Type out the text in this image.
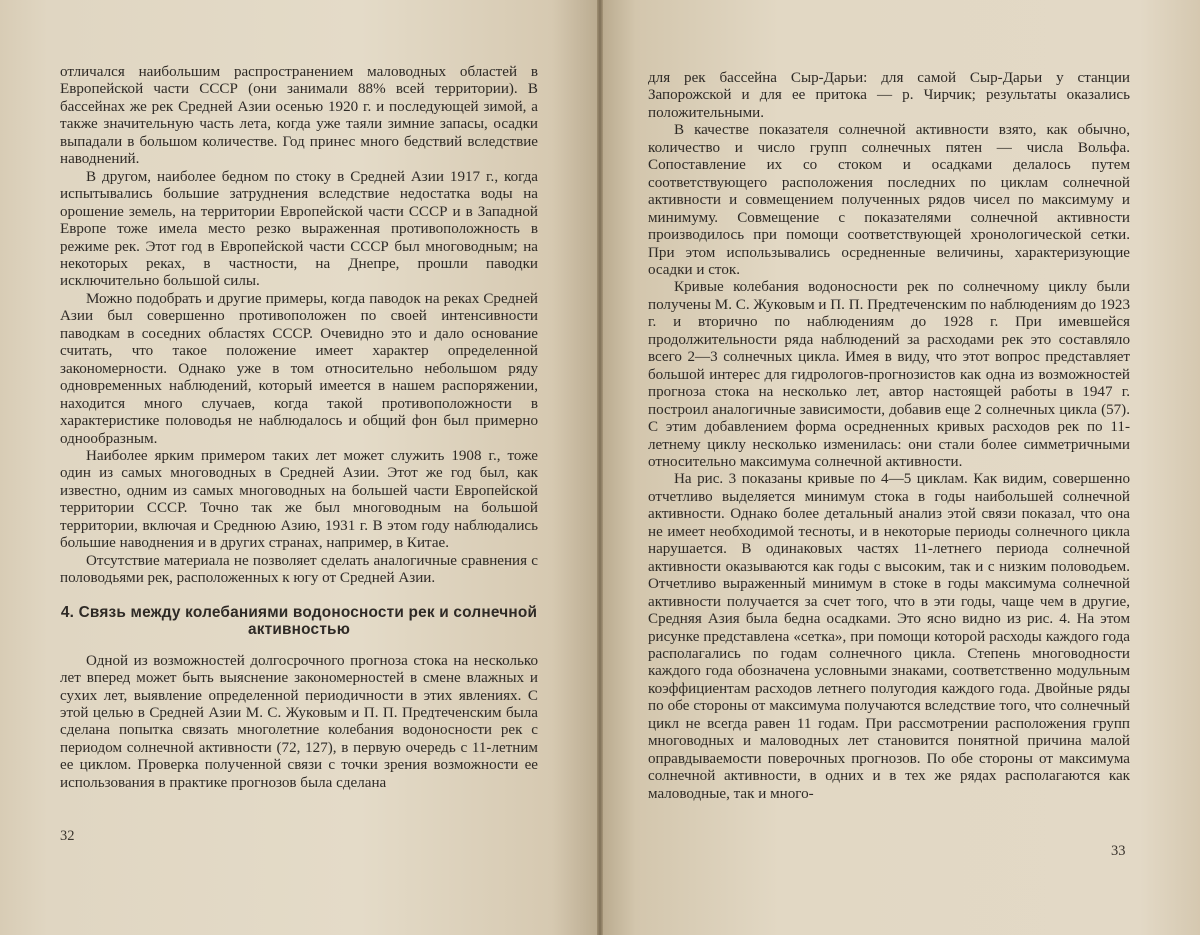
отличался наибольшим распространением маловодных областей в Европейской части СССР (они занимали 88% всей территории). В бассейнах же рек Средней Азии осенью 1920 г. и последующей зимой, а также значительную часть лета, когда уже таяли зимние запасы, осадки выпадали в большом количестве. Год принес много бедствий вследствие наводнений.

В другом, наиболее бедном по стоку в Средней Азии 1917 г., когда испытывались большие затруднения вследствие недостатка воды на орошение земель, на территории Европейской части СССР и в Западной Европе тоже имела место резко выраженная противоположность в режиме рек. Этот год в Европейской части СССР был многоводным; на некоторых реках, в частности, на Днепре, прошли паводки исключительно большой силы.

Можно подобрать и другие примеры, когда паводок на реках Средней Азии был совершенно противоположен по своей интенсивности паводкам в соседних областях СССР. Очевидно это и дало основание считать, что такое положение имеет характер определенной закономерности. Однако уже в том относительно небольшом ряду одновременных наблюдений, который имеется в нашем распоряжении, находится много случаев, когда такой противоположности в характеристике половодья не наблюдалось и общий фон был примерно однообразным.

Наиболее ярким примером таких лет может служить 1908 г., тоже один из самых многоводных в Средней Азии. Этот же год был, как известно, одним из самых многоводных на большей части Европейской территории СССР. Точно так же был многоводным на большой территории, включая и Среднюю Азию, 1931 г. В этом году наблюдались большие наводнения и в других странах, например, в Китае.

Отсутствие материала не позволяет сделать аналогичные сравнения с половодьями рек, расположенных к югу от Средней Азии.

4. Связь между колебаниями водоносности рек и солнечной активностью

Одной из возможностей долгосрочного прогноза стока на несколько лет вперед может быть выяснение закономерностей в смене влажных и сухих лет, выявление определенной периодичности в этих явлениях. С этой целью в Средней Азии М. С. Жуковым и П. П. Предтеченским была сделана попытка связать многолетние колебания водоносности рек с периодом солнечной активности (72, 127), в первую очередь с 11-летним ее циклом. Проверка полученной связи с точки зрения возможности ее использования в практике прогнозов была сделана

32

для рек бассейна Сыр-Дарьи: для самой Сыр-Дарьи у станции Запорожской и для ее притока — р. Чирчик; результаты оказались положительными.

В качестве показателя солнечной активности взято, как обычно, количество и число групп солнечных пятен — числа Вольфа. Сопоставление их со стоком и осадками делалось путем соответствующего расположения последних по циклам солнечной активности и совмещением полученных рядов чисел по максимуму и минимуму. Совмещение с показателями солнечной активности производилось при помощи соответствующей хронологической сетки. При этом использывались осредненные величины, характеризующие осадки и сток.

Кривые колебания водоносности рек по солнечному циклу были получены М. С. Жуковым и П. П. Предтеченским по наблюдениям до 1923 г. и вторично по наблюдениям до 1928 г. При имевшейся продолжительности ряда наблюдений за расходами рек это составляло всего 2—3 солнечных цикла. Имея в виду, что этот вопрос представляет большой интерес для гидрологов-прогнозистов как одна из возможностей прогноза стока на несколько лет, автор настоящей работы в 1947 г. построил аналогичные зависимости, добавив еще 2 солнечных цикла (57). С этим добавлением форма осредненных кривых расходов рек по 11-летнему циклу несколько изменилась: они стали более симметричными относительно максимума солнечной активности.

На рис. 3 показаны кривые по 4—5 циклам. Как видим, совершенно отчетливо выделяется минимум стока в годы наибольшей солнечной активности. Однако более детальный анализ этой связи показал, что она не имеет необходимой тесноты, и в некоторые периоды солнечного цикла нарушается. В одинаковых частях 11-летнего периода солнечной активности оказываются как годы с высоким, так и с низким половодьем. Отчетливо выраженный минимум в стоке в годы максимума солнечной активности получается за счет того, что в эти годы, чаще чем в другие, Средняя Азия была бедна осадками. Это ясно видно из рис. 4. На этом рисунке представлена «сетка», при помощи которой расходы каждого года располагались по годам солнечного цикла. Степень многоводности каждого года обозначена условными знаками, соответственно модульным коэффициентам расходов летнего полугодия каждого года. Двойные ряды по обе стороны от максимума получаются вследствие того, что солнечный цикл не всегда равен 11 годам. При рассмотрении расположения групп многоводных и маловодных лет становится понятной причина малой оправдываемости поверочных прогнозов. По обе стороны от максимума солнечной активности, в одних и в тех же рядах располагаются как маловодные, так и много-

33
